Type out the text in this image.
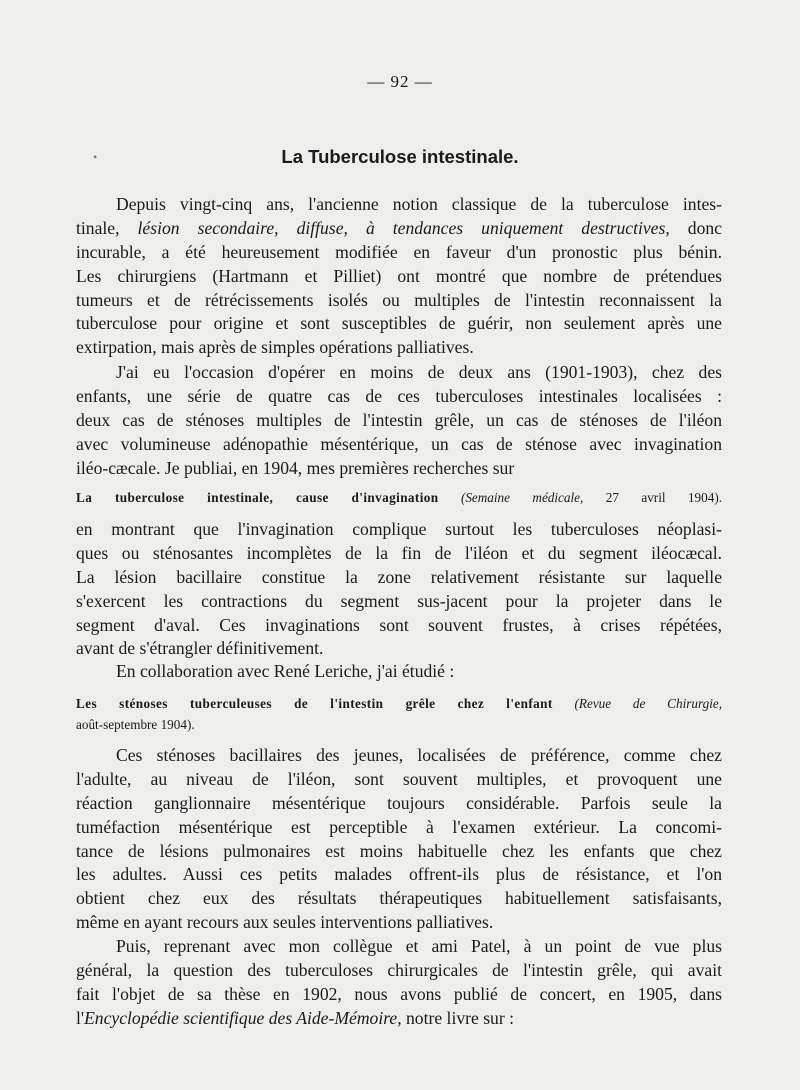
— 92 —
•	La Tuberculose intestinale.
Depuis vingt-cinq ans, l'ancienne notion classique de la tuberculose intes-
tinale, lésion secondaire, diffuse, à tendances uniquement destructives, donc
incurable, a été heureusement modifiée en faveur d'un pronostic plus bénin.
Les chirurgiens (Hartmann et Pilliet) ont montré que nombre de prétendues
tumeurs et de rétrécissements isolés ou multiples de l'intestin reconnaissent la
tuberculose pour origine et sont susceptibles de guérir, non seulement après une
extirpation, mais après de simples opérations palliatives.
J'ai eu l'occasion d'opérer en moins de deux ans (1901-1903), chez des
enfants, une série de quatre cas de ces tuberculoses intestinales localisées :
deux cas de sténoses multiples de l'intestin grêle, un cas de sténoses de l'iléon
avec volumineuse adénopathie mésentérique, un cas de sténose avec invagination
iléo-cæcale. Je publiai, en 1904, mes premières recherches sur
La tuberculose intestinale, cause d'invagination (Semaine médicale, 27 avril 1904).
en montrant que l'invagination complique surtout les tuberculoses néoplasi-
ques ou sténosantes incomplètes de la fin de l'iléon et du segment iléocæcal.
La lésion bacillaire constitue la zone relativement résistante sur laquelle
s'exercent les contractions du segment sus-jacent pour la projeter dans le
segment d'aval. Ces invaginations sont souvent frustes, à crises répétées,
avant de s'étrangler définitivement.
En collaboration avec René Leriche, j'ai étudié :
Les sténoses tuberculeuses de l'intestin grêle chez l'enfant (Revue de Chirurgie,
août-septembre 1904).
Ces sténoses bacillaires des jeunes, localisées de préférence, comme chez
l'adulte, au niveau de l'iléon, sont souvent multiples, et provoquent une
réaction ganglionnaire mésentérique toujours considérable. Parfois seule la
tuméfaction mésentérique est perceptible à l'examen extérieur. La concomi-
tance de lésions pulmonaires est moins habituelle chez les enfants que chez
les adultes. Aussi ces petits malades offrent-ils plus de résistance, et l'on
obtient chez eux des résultats thérapeutiques habituellement satisfaisants,
même en ayant recours aux seules interventions palliatives.
Puis, reprenant avec mon collègue et ami Patel, à un point de vue plus
général, la question des tuberculoses chirurgicales de l'intestin grêle, qui avait
fait l'objet de sa thèse en 1902, nous avons publié de concert, en 1905, dans
l'Encyclopédie scientifique des Aide-Mémoire, notre livre sur :
